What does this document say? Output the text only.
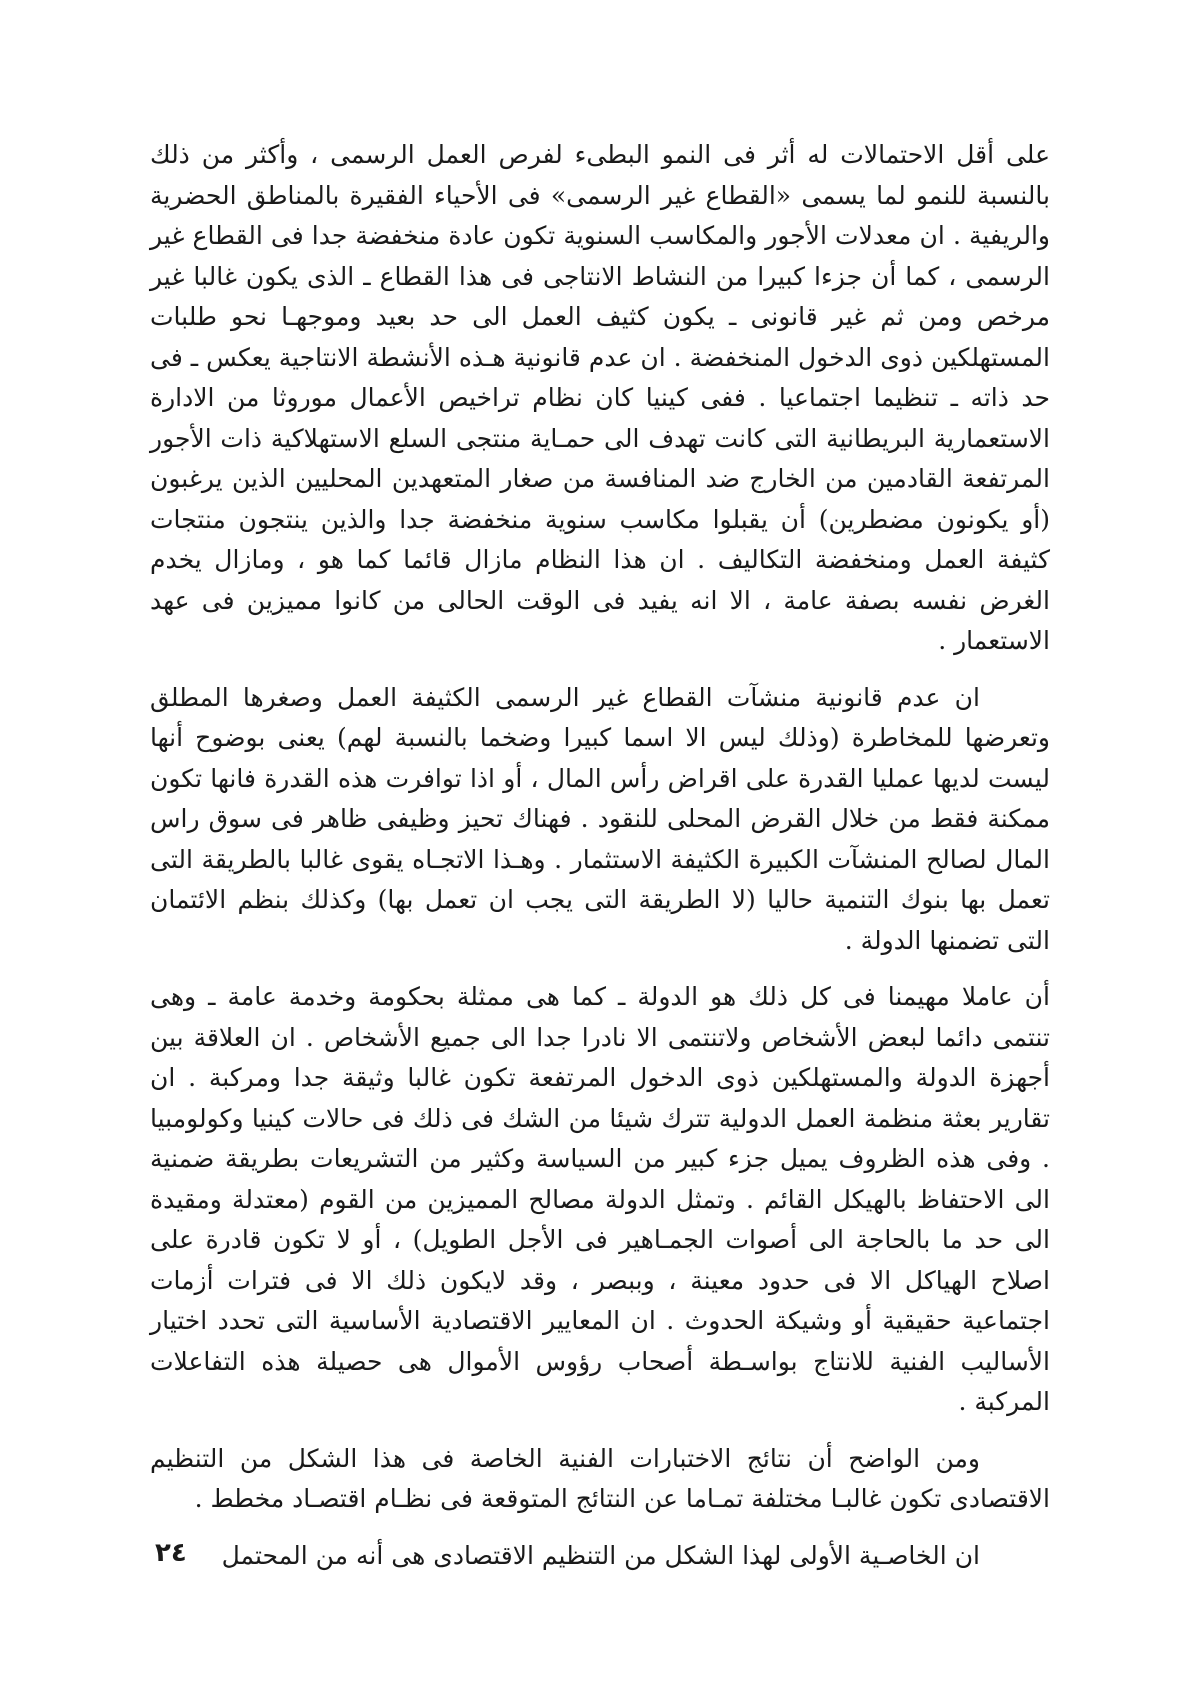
على أقل الاحتمالات له أثر فى النمو البطىء لفرص العمل الرسمى ، وأكثر من ذلك بالنسبة للنمو لما يسمى «القطاع غير الرسمى» فى الأحياء الفقيرة بالمناطق الحضرية والريفية . ان معدلات الأجور والمكاسب السنوية تكون عادة منخفضة جدا فى القطاع غير الرسمى ، كما أن جزءا كبيرا من النشاط الانتاجى فى هذا القطاع ـ الذى يكون غالبا غير مرخص ومن ثم غير قانونى ـ يكون كثيف العمل الى حد بعيد وموجهـا نحو طلبات المستهلكين ذوى الدخول المنخفضة . ان عدم قانونية هـذه الأنشطة الانتاجية يعكس ـ فى حد ذاته ـ تنظيما اجتماعيا . ففى كينيا كان نظام تراخيص الأعمال موروثا من الادارة الاستعمارية البريطانية التى كانت تهدف الى حمـاية منتجى السلع الاستهلاكية ذات الأجور المرتفعة القادمين من الخارج ضد المنافسة من صغار المتعهدين المحليين الذين يرغبون (أو يكونون مضطرين) أن يقبلوا مكاسب سنوية منخفضة جدا والذين ينتجون منتجات كثيفة العمل ومنخفضة التكاليف . ان هذا النظام مازال قائما كما هو ، ومازال يخدم الغرض نفسه بصفة عامة ، الا انه يفيد فى الوقت الحالى من كانوا مميزين فى عهد الاستعمار .

ان عدم قانونية منشآت القطاع غير الرسمى الكثيفة العمل وصغرها المطلق وتعرضها للمخاطرة (وذلك ليس الا اسما كبيرا وضخما بالنسبة لهم) يعنى بوضوح أنها ليست لديها عمليا القدرة على اقراض رأس المال ، أو اذا توافرت هذه القدرة فانها تكون ممكنة فقط من خلال القرض المحلى للنقود . فهناك تحيز وظيفى ظاهر فى سوق راس المال لصالح المنشآت الكبيرة الكثيفة الاستثمار . وهـذا الاتجـاه يقوى غالبا بالطريقة التى تعمل بها بنوك التنمية حاليا (لا الطريقة التى يجب ان تعمل بها) وكذلك بنظم الائتمان التى تضمنها الدولة .

أن عاملا مهيمنا فى كل ذلك هو الدولة ـ كما هى ممثلة بحكومة وخدمة عامة ـ وهى تنتمى دائما لبعض الأشخاص ولاتنتمى الا نادرا جدا الى جميع الأشخاص . ان العلاقة بين أجهزة الدولة والمستهلكين ذوى الدخول المرتفعة تكون غالبا وثيقة جدا ومركبة . ان تقارير بعثة منظمة العمل الدولية تترك شيئا من الشك فى ذلك فى حالات كينيا وكولومبيا . وفى هذه الظروف يميل جزء كبير من السياسة وكثير من التشريعات بطريقة ضمنية الى الاحتفاظ بالهيكل القائم . وتمثل الدولة مصالح المميزين من القوم (معتدلة ومقيدة الى حد ما بالحاجة الى أصوات الجمـاهير فى الأجل الطويل) ، أو لا تكون قادرة على اصلاح الهياكل الا فى حدود معينة ، وببصر ، وقد لايكون ذلك الا فى فترات أزمات اجتماعية حقيقية أو وشيكة الحدوث . ان المعايير الاقتصادية الأساسية التى تحدد اختيار الأساليب الفنية للانتاج بواسـطة أصحاب رؤوس الأموال هى حصيلة هذه التفاعلات المركبة .

ومن الواضح أن نتائج الاختبارات الفنية الخاصة فى هذا الشكل من التنظيم الاقتصادى تكون غالبـا مختلفة تمـاما عن النتائج المتوقعة فى نظـام اقتصـاد مخطط .

ان الخاصـية الأولى لهذا الشكل من التنظيم الاقتصادى هى أنه من المحتمل

٢٤
